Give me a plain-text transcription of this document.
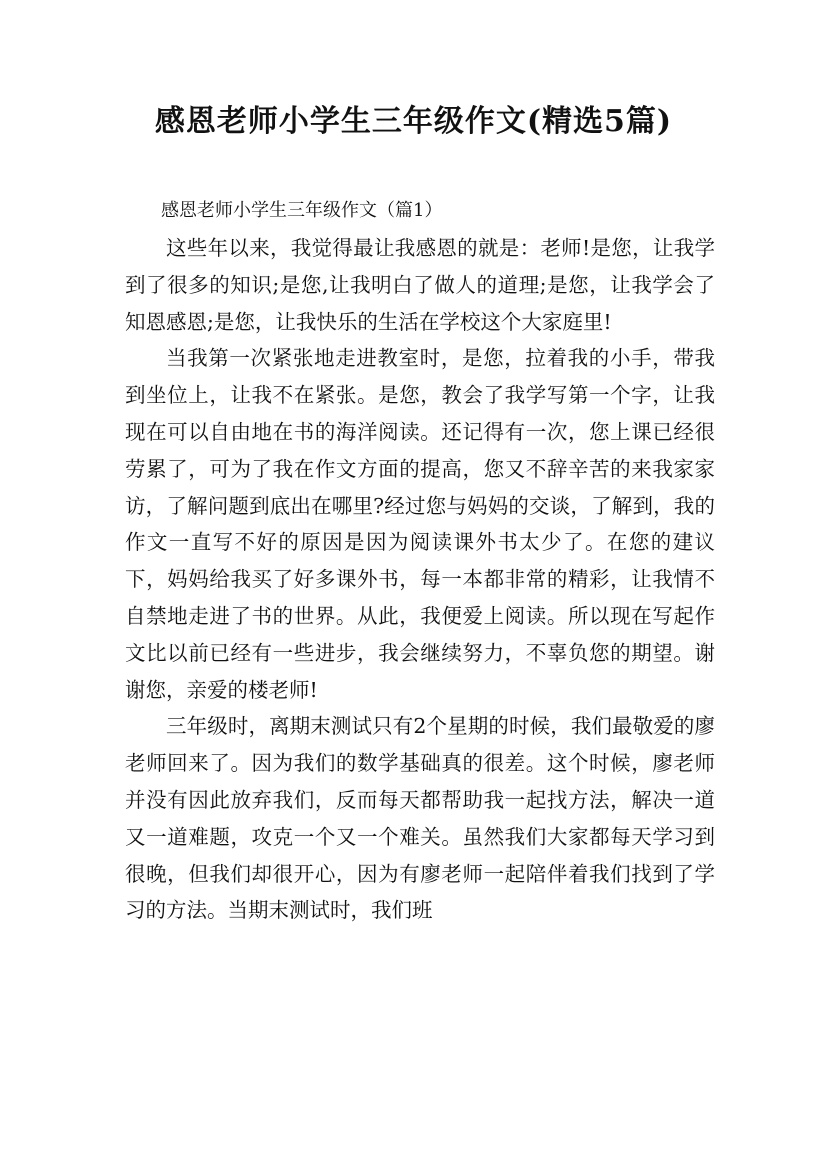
感恩老师小学生三年级作文(精选5篇)

感恩老师小学生三年级作文（篇1）

这些年以来，我觉得最让我感恩的就是：老师!是您，让我学到了很多的知识;是您,让我明白了做人的道理;是您，让我学会了知恩感恩;是您，让我快乐的生活在学校这个大家庭里!

当我第一次紧张地走进教室时，是您，拉着我的小手，带我到坐位上，让我不在紧张。是您，教会了我学写第一个字，让我现在可以自由地在书的海洋阅读。还记得有一次，您上课已经很劳累了，可为了我在作文方面的提高，您又不辞辛苦的来我家家访，了解问题到底出在哪里?经过您与妈妈的交谈，了解到，我的作文一直写不好的原因是因为阅读课外书太少了。在您的建议下，妈妈给我买了好多课外书，每一本都非常的精彩，让我情不自禁地走进了书的世界。从此，我便爱上阅读。所以现在写起作文比以前已经有一些进步，我会继续努力，不辜负您的期望。谢谢您，亲爱的楼老师!

三年级时，离期末测试只有2个星期的时候，我们最敬爱的廖老师回来了。因为我们的数学基础真的很差。这个时候，廖老师并没有因此放弃我们，反而每天都帮助我一起找方法，解决一道又一道难题，攻克一个又一个难关。虽然我们大家都每天学习到很晚，但我们却很开心，因为有廖老师一起陪伴着我们找到了学习的方法。当期末测试时，我们班
